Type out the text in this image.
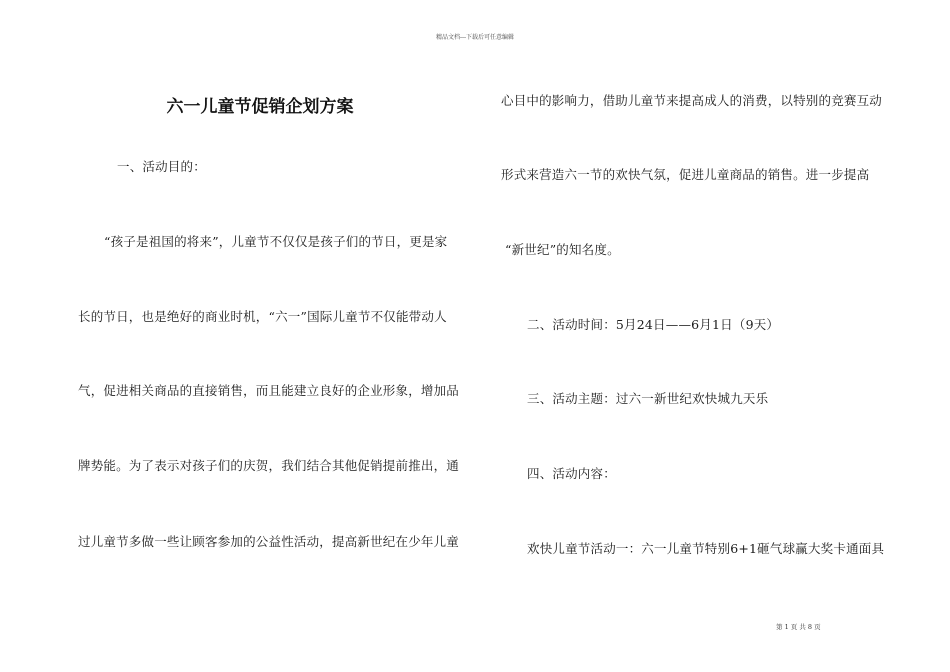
精品文档---下载后可任意编辑
六一儿童节促销企划方案
一、活动目的：
“孩子是祖国的将来”，儿童节不仅仅是孩子们的节日，更是家
长的节日，也是绝好的商业时机，“六一”国际儿童节不仅能带动人
气，促进相关商品的直接销售，而且能建立良好的企业形象，增加品
牌势能。为了表示对孩子们的庆贺，我们结合其他促销提前推出，通
过儿童节多做一些让顾客参加的公益性活动，提高新世纪在少年儿童
心目中的影响力，借助儿童节来提高成人的消费，以特别的竞赛互动
形式来营造六一节的欢快气氛，促进儿童商品的销售。进一步提高
“新世纪”的知名度。
二、活动时间：5月24日——6月1日（9天）
三、活动主题：过六一新世纪欢快城九天乐
四、活动内容：
欢快儿童节活动一：六一儿童节特别6+1砸气球赢大奖卡通面具
第 1 页 共 8 页
